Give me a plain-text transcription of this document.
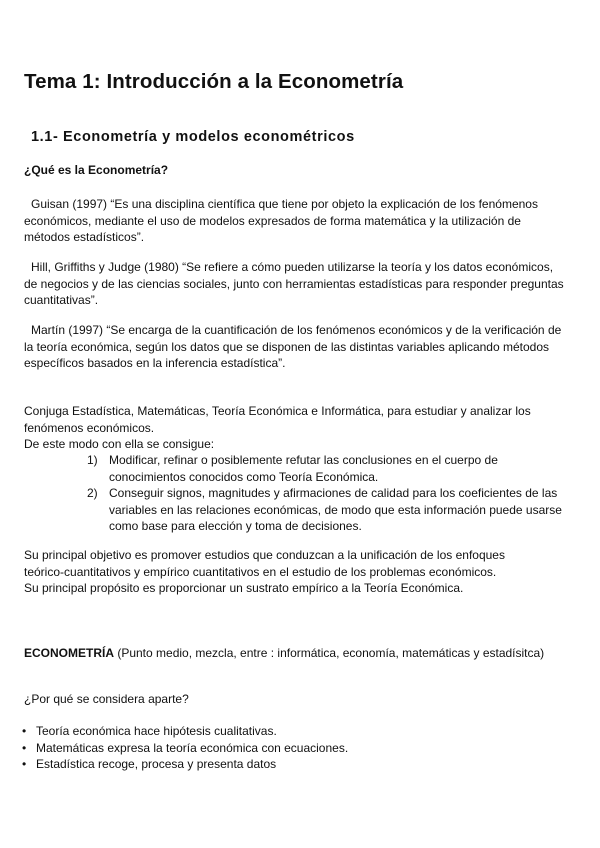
Tema 1: Introducción a la Econometría
1.1- Econometría y modelos econométricos

¿Qué es la Econometría?

Guisan (1997) “Es una disciplina científica que tiene por objeto la explicación de los fenómenos
económicos, mediante el uso de modelos expresados de forma matemática y la utilización de
métodos estadísticos”.

Hill, Griffiths y Judge (1980) “Se refiere a cómo pueden utilizarse la teoría y los datos económicos,
de negocios y de las ciencias sociales, junto con herramientas estadísticas para responder preguntas
cuantitativas”.

Martín (1997) “Se encarga de la cuantificación de los fenómenos económicos y de la verificación de
la teoría económica, según los datos que se disponen de las distintas variables aplicando métodos
específicos basados en la inferencia estadística”.

Conjuga Estadística, Matemáticas, Teoría Económica e Informática, para estudiar y analizar los
fenómenos económicos.
De este modo con ella se consigue:

1) Modificar, refinar o posiblemente refutar las conclusiones en el cuerpo de
conocimientos conocidos como Teoría Económica.
2) Conseguir signos, magnitudes y afirmaciones de calidad para los coeficientes de las
variables en las relaciones económicas, de modo que esta información puede usarse
como base para elección y toma de decisiones.

Su principal objetivo es promover estudios que conduzcan a la unificación de los enfoques
teórico-cuantitativos y empírico cuantitativos en el estudio de los problemas económicos.
Su principal propósito es proporcionar un sustrato empírico a la Teoría Económica.

ECONOMETRÍA (Punto medio, mezcla, entre : informática, economía, matemáticas y estadísitca)

¿Por qué se considera aparte?

• Teoría económica hace hipótesis cualitativas.
• Matemáticas expresa la teoría económica con ecuaciones.
• Estadística recoge, procesa y presenta datos
